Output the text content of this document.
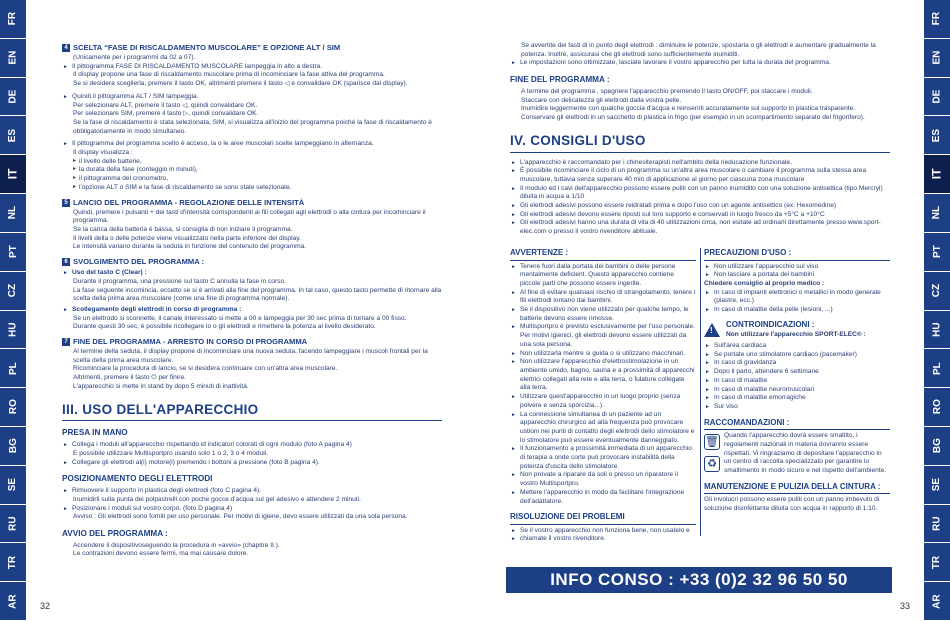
FR
EN
DE
ES
IT
NL
PT
CZ
HU
PL
RO
BG
SE
RU
TR
AR
FR
EN
DE
ES
IT
NL
PT
CZ
HU
PL
RO
BG
SE
RU
TR
AR
32	33
4 SCELTA “FASE DI RISCALDAMENTO MUSCOLARE” E OPZIONE ALT / SIM

(Unicamente per i programmi da 02 a 07).

► Il pittogramma FASE DI RISCALDAMENTO MUSCOLARE lampeggia in alto a destra.

Il display propone una fase di riscaldamento muscolare prima di incominciare la fase attiva del programma.

Se si desidera sceglierla, premere il tasto OK, altrimenti premere il tasto ◁ e convalidare OK (sparisce dal display).

► Quindi il pittogramma ALT / SIM lampeggia.

Per selezionare ALT, premere il tasto ◁, quindi convalidare OK.

Per selezionare SIM, premere il tasto ▷, quindi convalidare OK.

Se la fase di riscaldamento è stata selezionata, SIM, si visualizza all'inizio del programma poiché la fase di riscaldamento è obbligatoriamente in modo simultaneo.

► Il pittogramma del programma scelto è acceso, la o le aree muscolari scelte lampeggiano in alternanza.

Il display visualizza :

▸ il livello delle batterie,

▸ la durata della fase (conteggio in minuti),

▸ il pittogramma del cronometro,

▸ l'opzione ALT o SIM e la fase di riscaldamento se sono state selezionate.

5 LANCIO DEL PROGRAMMA - REGOLAZIONE DELLE INTENSITÀ

Quindi, premere i pulsanti + dei tasti d'intensità corrispondenti ai fili collegati agli elettrodi o alla cintura per incominciare il programma.

Se la carica della batteria è bassa, si consiglia di non iniziare il programma.

Il livelli della o delle potenze viene visualizzato nella parte inferiore del display.

Le intensità variano durante la seduta in funzione del contenuto del programma.

6 SVOLGIMENTO DEL PROGRAMMA :

► Uso del tasto C (Clear) :

Durante il programma, una pressione sul tasto C annulla la fase in corso.

La fase seguente incomincia, eccetto se si è arrivati alla fine del programma. In tal caso, questo tasto permette di ritornare alla scelta della prima area muscolare (come una fine di programma normale).

► Scollegamento degli elettrodi in corso di programma :

Se un elettrodo si sconnette, il canale interessato si mette a 00 e lampeggia per 30 sec prima di tornare a 00 fisso.

Durante questi 30 sec, è possibile ricollegare lo o gli elettrodi e rimettere la potenza al livello desiderato.

7 FINE DEL PROGRAMMA - ARRESTO IN CORSO DI PROGRAMMA

Al termine della seduta, il display propone di incominciare una nuova seduta, facendo lampeggiare i muscoli frontali per la scelta della prima area muscolare.

Ricominciare la procedura di lancio, se si desidera continuare con un'altra area muscolare.

Altrimenti, premere il tasto ⏻ per finire.

L'apparecchio si mette in stand by dopo 5 minuti di inattività.

III. USO DELL'APPARECCHIO
PRESA IN MANO

► Collega i moduli all'apparecchio rispettando id indicatori colorati di ogni modulo (foto A pagina 4)

E possibile utilizzare Multisportpro usando solo 1 o 2, 3 o 4 moduli.

► Collegare gli elettrodi al(i) motore(i) premendo i bottoni a pressione (foto B pagina 4).

POSIZIONAMENTO DEGLI ELETTRODI

► Rimuovere il supporto in plastica degli elettrodi (foto C pagina 4).

Inumidirli sulla punta dei polpastrelli con poche gocce d'acqua sul gel adesivo e attendere 2 minuti.

► Posizionare i moduli sul vostro corpo. (foto D pagina 4)

Avviso : Gli elettrodi sono forniti per uso personale. Per motivi di igiene, devo essere utilizzati da una sola persona.

AVVIO DEL PROGRAMMA :

Accendere il dispositivoseguendo la procedura in «avvio» (chapitre II.).

Le contrazioni devono essere fermi, ma mai causare dolore.

Se avvertite dei fasti di in punto degli elettrodi : diminuire le potenze, spostarla o gli elettrodi e aumentare gradualmente la potenza. Inoltre, assicurasi che gli elettrodi sono sufficientemente inumiditi.

► Le impostazioni sono ottimizzate, lasciate lavorare il vostro apparecchio per tutta la durata del programma.

FINE DEL PROGRAMMA :

A termine del programma , spegnere l'apparecchio premendo il tasto ON/OFF, poi staccare i moduli.

Staccare con delicatezza gli elettrodi dalla vostra pelle.

Inumidire leggermente con qualche goccia d'acqua e reinserirli accuratamente sul supporto in plastica trasparente.

Conservare gli elettrodi in un sacchetto di plastica in frigo (per esempio in un scompartimento separato del frigorifero).

IV. CONSIGLI D'USO

► L'apparecchio è raccomandato per i chinesiterapisti nell'ambito della rieducazione funzionale.

► È possibile ricominciare il ciclo di un programma su un'altra area muscolare o cambiare il programma sulla stessa area muscolare, tuttavia senza superare 40 min di applicazione al giorno per ciascuna zona muscolare

► Il modulo ed i cavi dell'apparecchio possono essere puliti con un panno inumidito con una soluzione antisettica (tipo Mercryl) diluita in acqua a 1/10

► Gli elettrodi adesivi possono essere reidratati prima e dopo l'uso con un agente antisettico (ex: Hexomedine)

► Gli elettrodi adesivi devono essere riposti sul loro supporto e conservati in luogo fresco da +5°C a +10°C

► Gli elettrodi adesivi hanno una durata di vita di 40 utilizzazioni circa, non esitate ad ordinarli direttamente presso www.sport-elec.com o presso il vostro rivenditore abituale.

AVVERTENZE :

► Tenere fuori dalla portata dei bambini o delle persone mentalmente deficient. Questo apparecchio contiene piccole parti che possono essere ingerite.

► Al fine di evitare qualsiasi rischio di strangolamento, tenere i fili elettrodi lontano dai bambini.

► Se il dispositivo non viene utilizzato per qualche tempo, le batterie devono essere rimosse.

► Multisportpro è previsto esclusivamente per l'uso personale. Per motivi igienici, gli elettrodi devono essere utilizzati da una sola persona.

► Non utilizzarla mentre si guida o si utilizzano macchinari.

► Non utilizzare l'apparecchio d'elettrostimolazione in un ambiente umido, bagno, sauna e a prossimità di apparecchi elettrici collegati alla rete e alla terra, o fulature collegate alla terra.

► Utilizzare quest'apparecchio in un luogo proprio (senza polvere e senza sporcizia...).

► La connessione simultanea di un paziente ad un apparecchio chirurgico ad alta frequenza può provocare ustioni nei punti di contatto degli elettrodi dello stimolatore e lo stimolatore può essere eventualmente danneggiato.

► Il funzionamento a prossimità immediata di un apparecchio di terapia a onde corte può provocare instabilità della potenza d'uscita dello stimolatore.

► Non provate a riparare da soli o presso un riparatore il vostro Multisportpro.

► Mettere l'apparecchio in modo da facilitare l'integrazione dell'adattatore.

RISOLUZIONE DEI PROBLEMI

► Se il vostro apparecchio non funziona bene, non usatelo e

► chiamate il vostro rivenditore.

PRECAUZIONI D'USO :

► Non utilizzare l'apparecchio sul viso

► Non lasciare a portata dei bambini

Chiedere consiglio al proprio medico :

► In caso di impianti elettronici o metallici in modo generale (piastre, ecc.)

► In caso di malattie della pelle (lesioni, ...)

!
CONTROINDICAZIONI :
Non utilizzare l'apparecchio SPORT-ELEC® :

► Sull'area cardiaca

► Se portate uno stimolatore cardiaco (pacemaker)

► In caso di gravidanza

► Dopo il parto, attendere 6 settimane

► In caso di malattie

► In caso di malattie neuromuscolari

► In caso di malattie emorragiche

► Sur viso

RACCOMANDAZIONI :
🗑
♻

Quando l'apparecchio dovrà essere smaltito, i regolamenti nazionali in materia dovranno essere rispettati. Vi ringraziamo di depositare l'apparecchio in un centro di raccolta specializzato per garantire lo smaltimento in modo sicuro e nel rispetto dell'ambiente.

MANUTENZIONE E PULIZIA DELLA CINTURA :

Gli involucri possono essere puliti con un panno imbevuto di soluzione disinfettante diluita con acqua in rapporto di 1:10.

INFO CONSO : +33 (0)2 32 96 50 50
